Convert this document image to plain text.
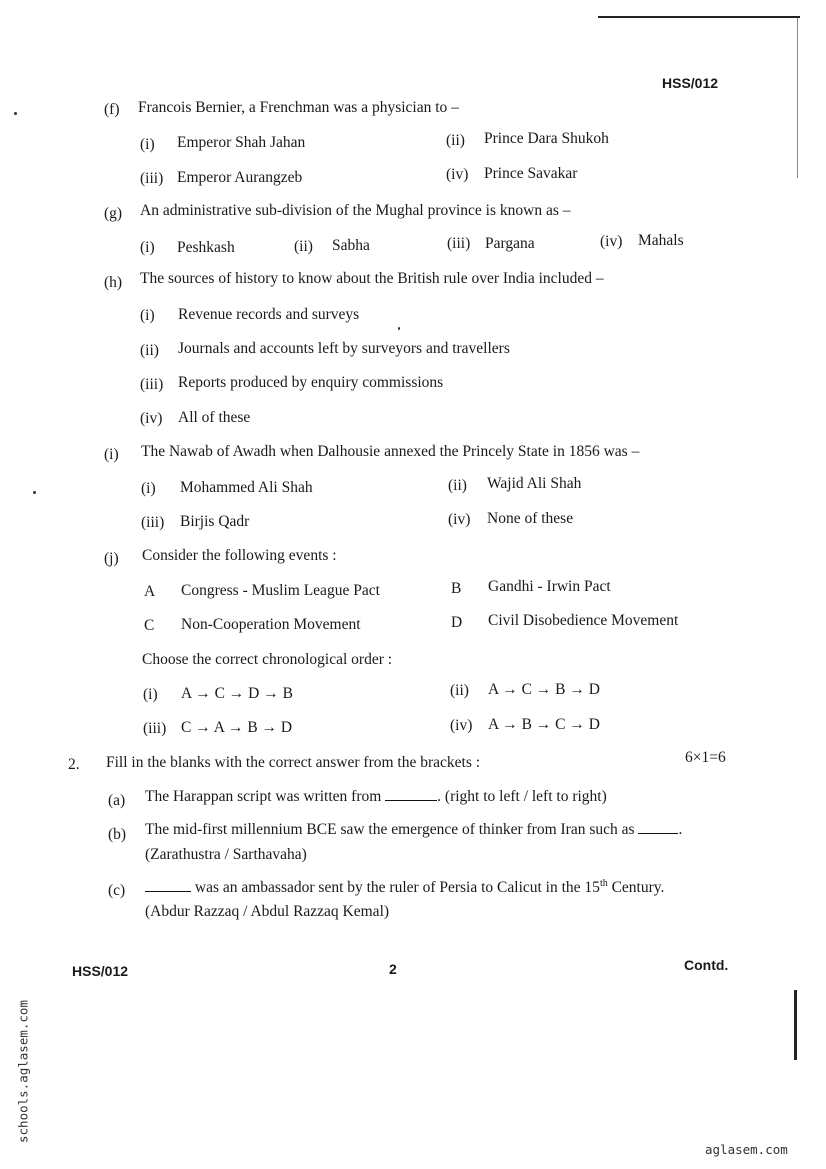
HSS/012
(f) Francois Bernier, a Frenchman was a physician to –
(i) Emperor Shah Jahan	(ii) Prince Dara Shukoh
(iii) Emperor Aurangzeb	(iv) Prince Savakar
(g) An administrative sub-division of the Mughal province is known as –
(i) Peshkash	(ii) Sabha	(iii) Pargana	(iv) Mahals
(h) The sources of history to know about the British rule over India included –
(i) Revenue records and surveys
(ii) Journals and accounts left by surveyors and travellers
(iii) Reports produced by enquiry commissions
(iv) All of these
(i) The Nawab of Awadh when Dalhousie annexed the Princely State in 1856 was –
(i) Mohammed Ali Shah	(ii) Wajid Ali Shah
(iii) Birjis Qadr	(iv) None of these
(j) Consider the following events :
A Congress - Muslim League Pact	B Gandhi - Irwin Pact
C Non-Cooperation Movement	D Civil Disobedience Movement
Choose the correct chronological order :
(i) A → C → D → B	(ii) A → C → B → D
(iii) C → A → B → D	(iv) A → B → C → D
2. Fill in the blanks with the correct answer from the brackets :	6×1=6
(a) The Harappan script was written from	. (right to left / left to right)
(b) The mid-first millennium BCE saw the emergence of thinker from Iran such as	.
(Zarathustra / Sarthavaha)
(c)	was an ambassador sent by the ruler of Persia to Calicut in the 15th Century.
(Abdur Razzaq / Abdul Razzaq Kemal)
HSS/012	2	Contd.
schools.aglasem.com
aglasem.com
